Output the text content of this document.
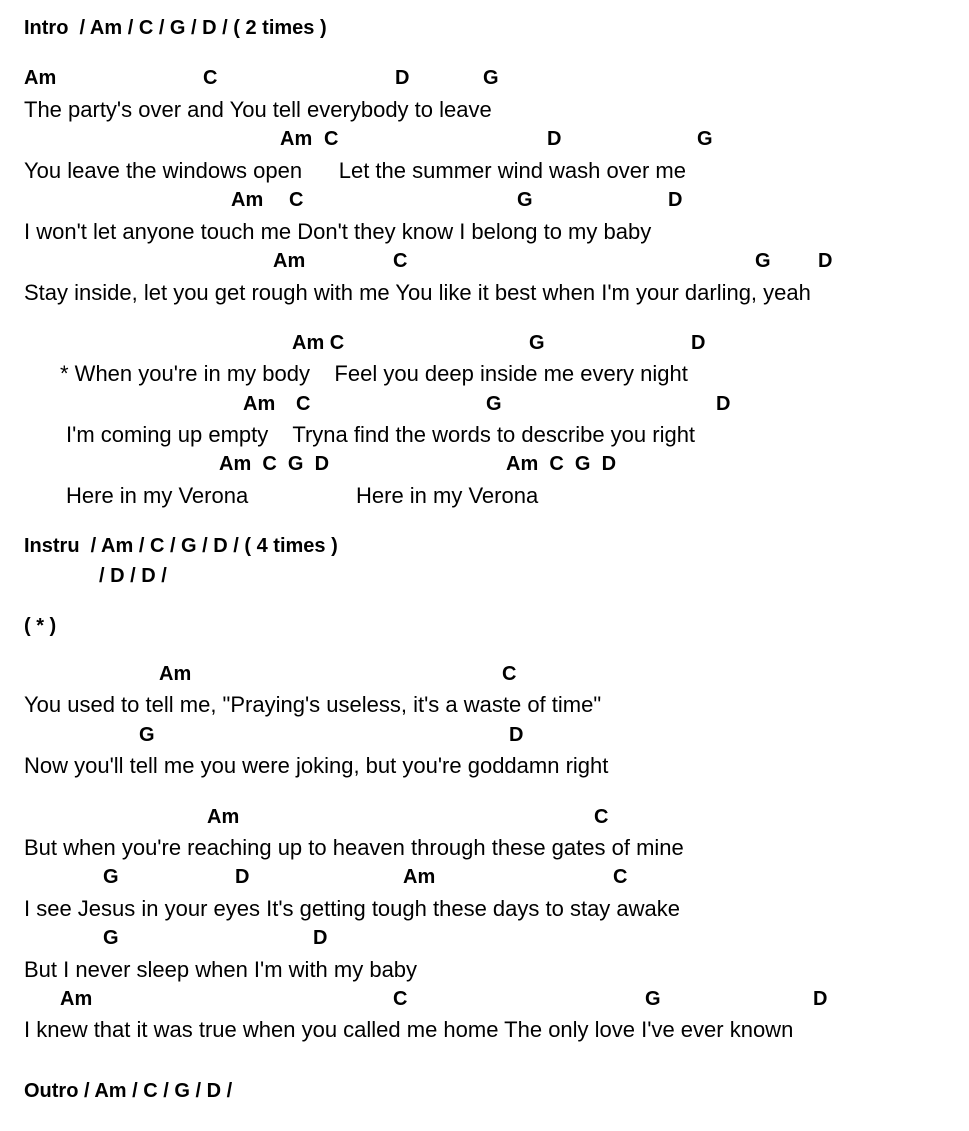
Intro  / Am / C / G / D / ( 2 times )
Am	C	D	G
The party's over and You tell everybody to leave
Am C	D	G
You leave the windows open      Let the summer wind wash over me
Am C	G	D
I won't let anyone touch me Don't they know I belong to my baby
Am	C	G D
Stay inside, let you get rough with me You like it best when I'm your darling, yeah
Am C	G	D
* When you're in my body    Feel you deep inside me every night
Am C	G	D
I'm coming up empty    Tryna find the words to describe you right
Am  C  G  D	Am  C  G  D
Here in my Verona	Here in my Verona
Instru  / Am / C / G / D / ( 4 times )
/ D / D /
( * )
Am	C
You used to tell me, "Praying's useless, it's a waste of time"
G	D
Now you'll tell me you were joking, but you're goddamn right
Am	C
But when you're reaching up to heaven through these gates of mine
G	D	Am	C
I see Jesus in your eyes It's getting tough these days to stay awake
G	D
But I never sleep when I'm with my baby
Am	C	G	D
I knew that it was true when you called me home The only love I've ever known
Outro / Am / C / G / D /
